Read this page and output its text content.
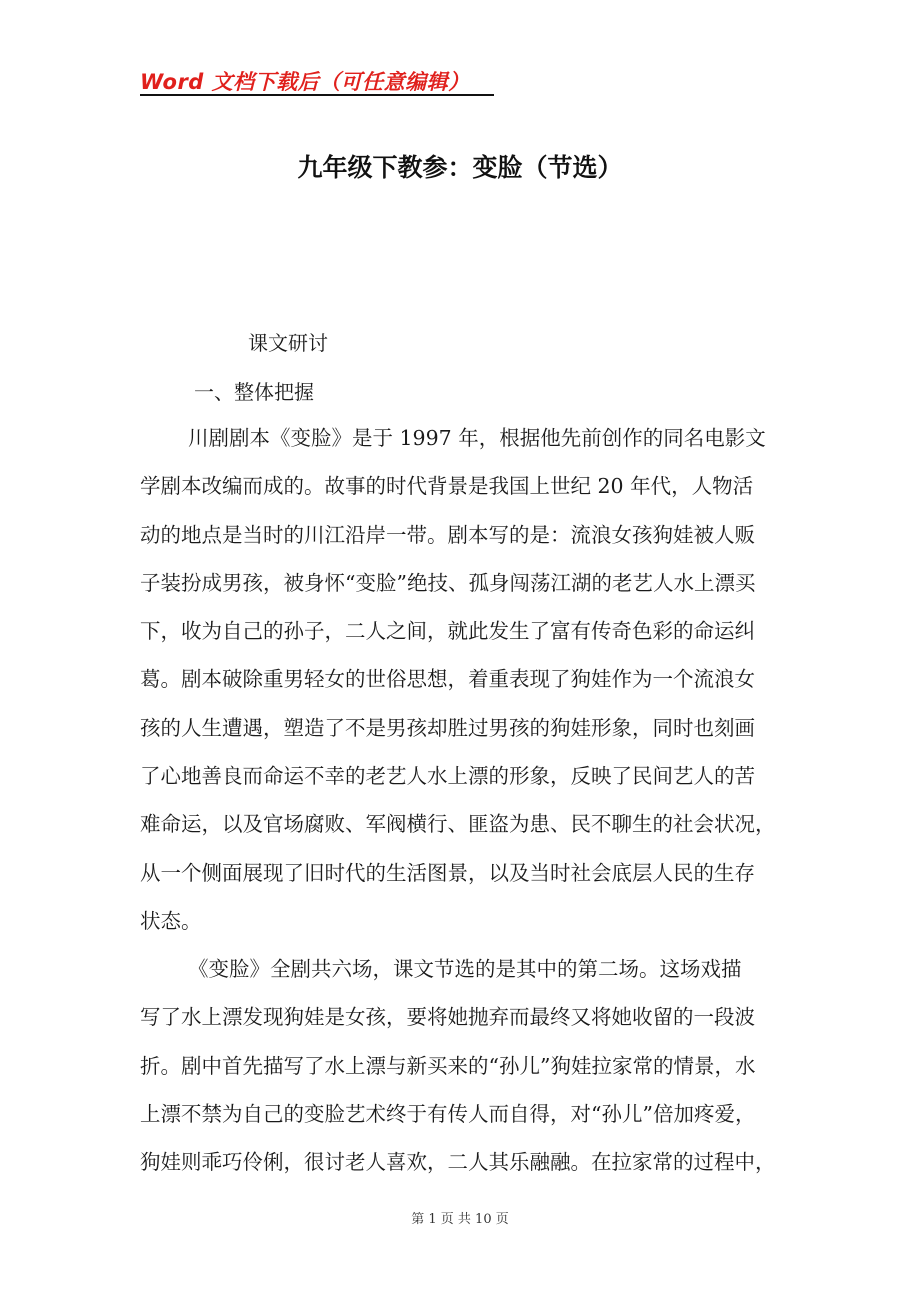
Word 文档下载后（可任意编辑）
九年级下教参：变脸（节选）
课文研讨
一、整体把握
川剧剧本《变脸》是于 1997 年，根据他先前创作的同名电影文
学剧本改编而成的。故事的时代背景是我国上世纪 20 年代，人物活
动的地点是当时的川江沿岸一带。剧本写的是：流浪女孩狗娃被人贩
子装扮成男孩，被身怀“变脸”绝技、孤身闯荡江湖的老艺人水上漂买
下，收为自己的孙子，二人之间，就此发生了富有传奇色彩的命运纠
葛。剧本破除重男轻女的世俗思想，着重表现了狗娃作为一个流浪女
孩的人生遭遇，塑造了不是男孩却胜过男孩的狗娃形象，同时也刻画
了心地善良而命运不幸的老艺人水上漂的形象，反映了民间艺人的苦
难命运，以及官场腐败、军阀横行、匪盗为患、民不聊生的社会状况，
从一个侧面展现了旧时代的生活图景，以及当时社会底层人民的生存
状态。
《变脸》全剧共六场，课文节选的是其中的第二场。这场戏描
写了水上漂发现狗娃是女孩，要将她抛弃而最终又将她收留的一段波
折。剧中首先描写了水上漂与新买来的“孙儿”狗娃拉家常的情景，水
上漂不禁为自己的变脸艺术终于有传人而自得，对“孙儿”倍加疼爱，
狗娃则乖巧伶俐，很讨老人喜欢，二人其乐融融。在拉家常的过程中，
第 1 页 共 10 页
